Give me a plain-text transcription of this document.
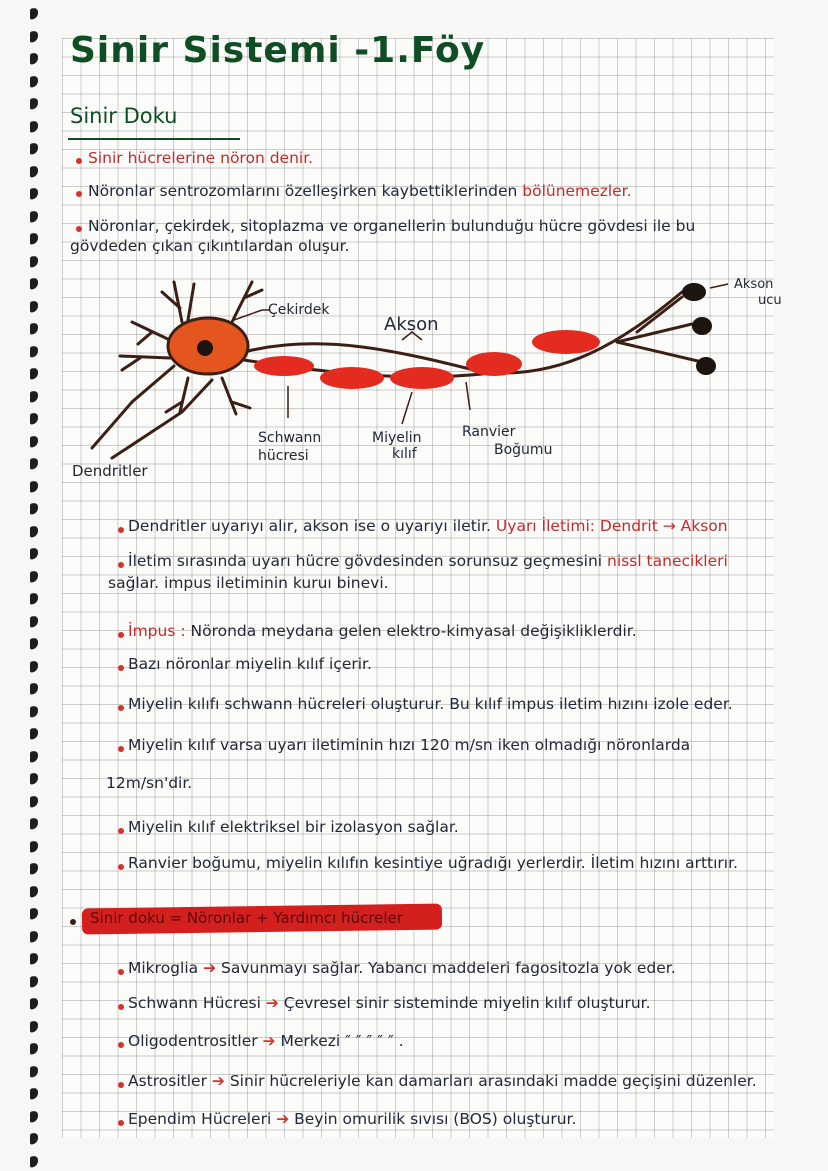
Sinir Sistemi -1.Föy
Sinir Doku
Sinir hücrelerine nöron denir.
Nöronlar sentrozomlarını özelleşirken kaybettiklerinden bölünemezler.
Nöronlar, çekirdek, sitoplazma ve organellerin bulunduğu hücre gövdesi ile bu
gövdeden çıkan çıkıntılardan oluşur.
Çekirdek
Akson
Akson
ucu
Schwann
hücresi
Miyelin
kılıf
Ranvier
Boğumu
Dendritler
Dendritler uyarıyı alır, akson ise o uyarıyı iletir. Uyarı İletimi: Dendrit → Akson
İletim sırasında uyarı hücre gövdesinden sorunsuz geçmesini nissl tanecikleri
sağlar. impus iletiminin kuruı binevi.
İmpus : Nöronda meydana gelen elektro-kimyasal değişikliklerdir.
Bazı nöronlar miyelin kılıf içerir.
Miyelin kılıfı schwann hücreleri oluşturur. Bu kılıf impus iletim hızını izole eder.
Miyelin kılıf varsa uyarı iletiminin hızı 120 m/sn iken olmadığı nöronlarda
12m/sn'dir.
Miyelin kılıf elektriksel bir izolasyon sağlar.
Ranvier boğumu, miyelin kılıfın kesintiye uğradığı yerlerdir. İletim hızını arttırır.
Sinir doku = Nöronlar + Yardımcı hücreler
Mikroglia ➔ Savunmayı sağlar. Yabancı maddeleri fagositozla yok eder.
Schwann Hücresi ➔ Çevresel sinir sisteminde miyelin kılıf oluşturur.
Oligodentrositler ➔ Merkezi ″ ″ ″ ″ ″ .
Astrositler ➔ Sinir hücreleriyle kan damarları arasındaki madde geçişini düzenler.
Ependim Hücreleri ➔ Beyin omurilik sıvısı (BOS) oluşturur.
